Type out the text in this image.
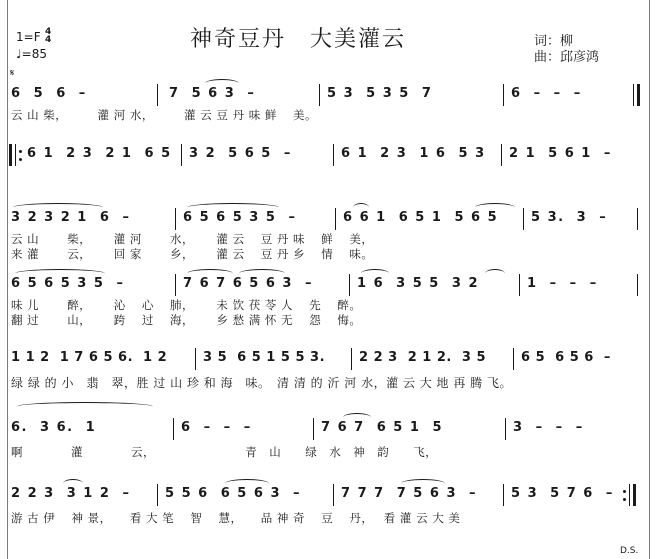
1=F 4
4
♩=85
神奇豆丹　大美灌云	词：柳
曲：邱彦鸿
𝄋
6  5  6  –	7  5 6 3  –	5 3  5 3 5  7	6  –  –  –
云 山 柴，　　　灌 河 水，　　　灌 云 豆 丹 味 鲜　 美。
6 1  2 3  2 1  6 5 3 2  5 6 5  –	6 1  2 3  1 6  5 3 2 1  5 6 1  –
3 2 3 2 1  6  –	6 5 6 5 3 5  –	6 6 1  6 5 1  5 6 5	5 3.  3  –
云 山　　 柴，　　 灌 河　　 水，　　 灌 云　 豆 丹 味　 鲜　 美，
来 灌　　 云，　　 回 家　　 乡，　　 灌 云　 豆 丹 乡　 情　 味。
6 5 6 5 3 5  –	7 6 7 6 5 6 3  –	1 6  3 5 5  3 2	1  –  –  –
味 儿　　 醉，　　 沁　 心　 肺，　　 未 饮 茯 苓 人　 先　 醉。
翻 过　　 山，　　 跨　 过　 海，　　 乡 愁 满 怀 无　 怨　 悔。
1 1 2  1 7 6 5 6.  1 2	3 5  6 5 1 5 5 3.	2 2 3  2 1 2.  3 5	6 5  6 5 6  –
绿 绿 的 小　翡　翠，胜 过 山 珍 和 海　味。　清 清 的 沂 河 水，灌 云 大 地 再 腾 飞。
6.  3 6.  1	6  –  –  –	7 6 7  6 5 1  5	3  –  –  –
啊　　　　灌　　　　云，　　　　　　　　青　山　　绿　水　神　韵　　飞，
2 2 3  3 1 2  –	5 5 6  6 5 6 3  –	7 7 7  7 5 6 3  –	5 3  5 7 6  –
游 古 伊　 神 景，　　看 大 笔　 智　 慧，　　品 神 奇　 豆　 丹，　 看 灌 云 大 美
D.S.
